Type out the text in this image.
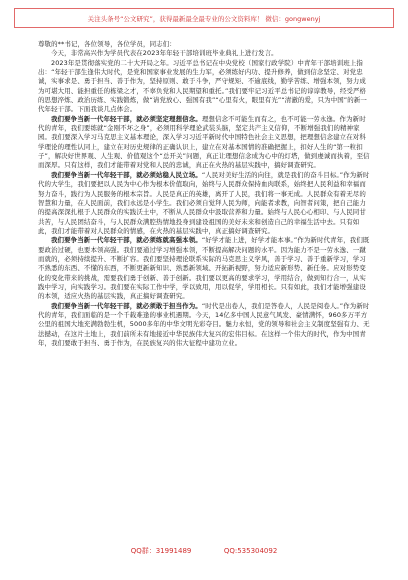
关注头条号“公文研究”，获得最新最全最专业的公文资料库！ 微信：gongwenyj

尊敬的**书记，各位领导，各位学员，同志们：

今天，非常高兴作为学员代表在2023年年轻干部培训班毕业典礼上进行发言。

2023年是贯彻落实党的二十大开局之年。习近平总书记在中央党校（国家行政学院）中青年干部培训班上指出：“年轻干部生逢伟大时代，是党和国家事业发展的生力军，必须练好内功、提升修养，做到信念坚定、对党忠诚，实事求是、勇于担当、善于作为，坚持原则、敢于斗争，严守规矩、不逾底线，勤学苦练、增强本领，努力成为可堪大用、能担重任的栋梁之才，不辜负党和人民期望和重托。”我们要牢记习近平总书记的谆谆教导，经受严格的思想淬炼、政治历练、实践锻炼，做“请党放心、强国有我”“心里有火，眼里有光”“清澈的爱，只为中国”的新一代年轻干部。下面我谈几点体会。

我们要争当新一代年轻干部，就必须坚定理想信念。理想信念不可能生而有之，也不可能一劳永逸。作为新时代的青年，我们要练就“金刚不坏之身”，必须用科学理论武装头脑，坚定共产主义信仰，不断增强我们的精神家园。我们要深入学习马克思主义基本理论，深入学习习近平新时代中国特色社会主义思想，把理想信念建立在对科学理论的理性认同上，建立在对历史规律的正确认识上，建立在对基本国情的准确把握上，扣好人生的“第一粒扣子”，解决好世界观、人生观、价值观这个“总开关”问题，真正让理想信念成为心中的灯塔，做到虔诚而执着，至信而深厚。只有这样，我们才能带着对党和人民的忠诚，真正在火热的基层实践中，搞好调查研究。

我们要争当新一代年轻干部，就必须站稳人民立场。“人民对美好生活的向往，就是我们的奋斗目标。”作为新时代的大学生，我们要把以人民为中心作为根本价值取向，始终与人民群众保持血肉联系，始终把人民利益和幸福而努力奋斗，践行为人民服务的根本宗旨。人民是真正的英雄，离开了人民，我们将一事无成。人民群众有着无尽的智慧和力量，在人民面前，我们永远是小学生。我们必须自觉拜人民为师，向能者求教，向智者问策，把自己能力的提高深深扎根于人民群众的实践沃土中，不断从人民群众中汲取营养和力量。始终与人民心心相印、与人民同甘共苦，与人民团结奋斗，与人民群众满腔热情地投身到建设祖国的美好未来和创造自己的幸福生活中去。只有如此，我们才能带着对人民群众的情感，在火热的基层实践中，真正搞好调查研究。

我们要争当新一代年轻干部，就必须练就高强本领。“好学才能上进，好学才能本事。”作为新时代青年，我们既要政治过硬，也要本领高强。我们要通过学习增强本领，不断提高解决问题的水平。因为能力不是一劳永逸、一蹴而就的，必须持续提升、不断扩容。我们要坚持理论联系实际的马克思主义学风，善于学习、善于重新学习，学习不熟悉的东西、不懂的东西，不断更新新知识、熟悉新领域、开拓新视野，努力适应新形势、新任务。应对形势变化的变化带来的挑战，需要我们勇于创新、善于创新。我们要以更高的要求学习，学用结合，做到知行合一，从实践中学习，向实践学习。我们要在实际工作中学，学以致用，用以促学，学用相长。只有如此，我们才能增强建设的本领，适应火热的基层实践，真正搞好调查研究。

我们要争当新一代年轻干部，就必须敢于担当作为。“时代是出卷人，我们是答卷人，人民是阅卷人。”作为新时代的青年，我们面临的是一个千载难逢的事业机遇期。今天，14亿多中国人民意气风发、豪情满怀，960多万平方公里的祖国大地充满勃勃生机，5000多年的中华文明光彩夺目。魅力永恒，党的领导和社会主义制度坚强有力、无法撼动，在这片土地上，我们前所未有地接近中华民族伟大复兴的宏伟目标。在这样一个伟大的时代，作为中国青年，我们要敢于担当、勇于作为，在民族复兴的伟大征程中建功立业。

QQ群：31991489	QQ:535304092
